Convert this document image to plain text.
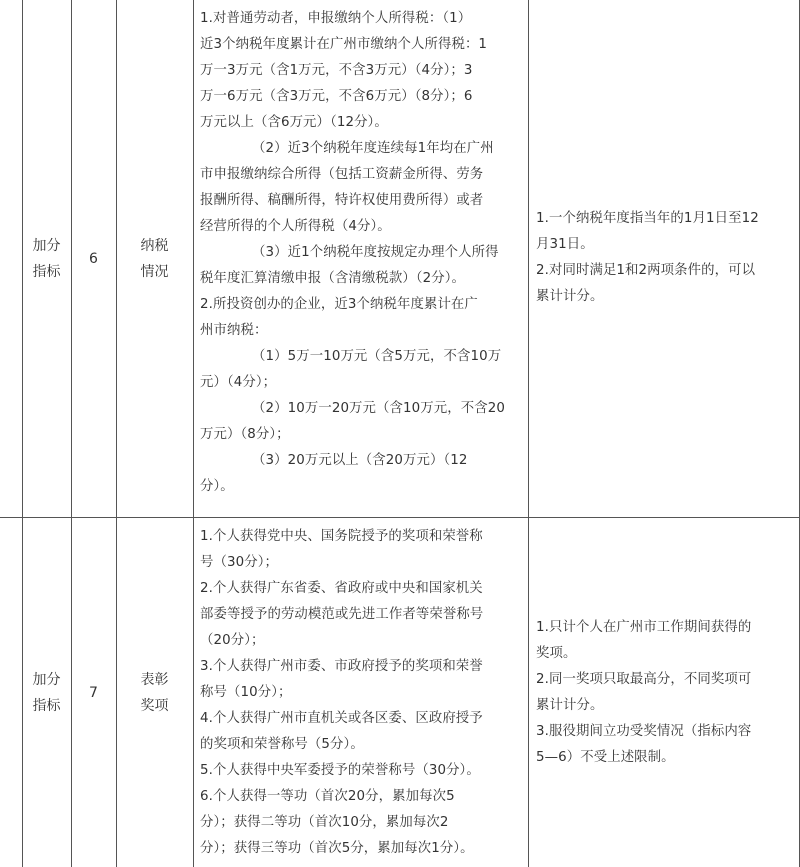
加分
指标
6
纳税
情况
1.对普通劳动者，申报缴纳个人所得税：（1）
近3个纳税年度累计在广州市缴纳个人所得税：1
万一3万元（含1万元，不含3万元）（4分）；3
万一6万元（含3万元，不含6万元）（8分）；6
万元以上（含6万元）（12分）。
（2）近3个纳税年度连续每1年均在广州
市申报缴纳综合所得（包括工资薪金所得、劳务
报酬所得、稿酬所得，特许权使用费所得）或者
经营所得的个人所得税（4分）。
（3）近1个纳税年度按规定办理个人所得
税年度汇算清缴申报（含清缴税款）（2分）。
2.所投资创办的企业，近3个纳税年度累计在广
州市纳税：
（1）5万一10万元（含5万元，不含10万
元）（4分）；
（2）10万一20万元（含10万元，不含20
万元）（8分）；
（3）20万元以上（含20万元）（12
分）。
1.一个纳税年度指当年的1月1日至12
月31日。
2.对同时满足1和2两项条件的，可以
累计计分。
加分
指标
7
表彰
奖项
1.个人获得党中央、国务院授予的奖项和荣誉称
号（30分）；
2.个人获得广东省委、省政府或中央和国家机关
部委等授予的劳动模范或先进工作者等荣誉称号
（20分）；
3.个人获得广州市委、市政府授予的奖项和荣誉
称号（10分）；
4.个人获得广州市直机关或各区委、区政府授予
的奖项和荣誉称号（5分）。
5.个人获得中央军委授予的荣誉称号（30分）。
6.个人获得一等功（首次20分，累加每次5
分）；获得二等功（首次10分，累加每次2
分）；获得三等功（首次5分，累加每次1分）。
1.只计个人在广州市工作期间获得的
奖项。
2.同一奖项只取最高分，不同奖项可
累计计分。
3.服役期间立功受奖情况（指标内容
5—6）不受上述限制。
